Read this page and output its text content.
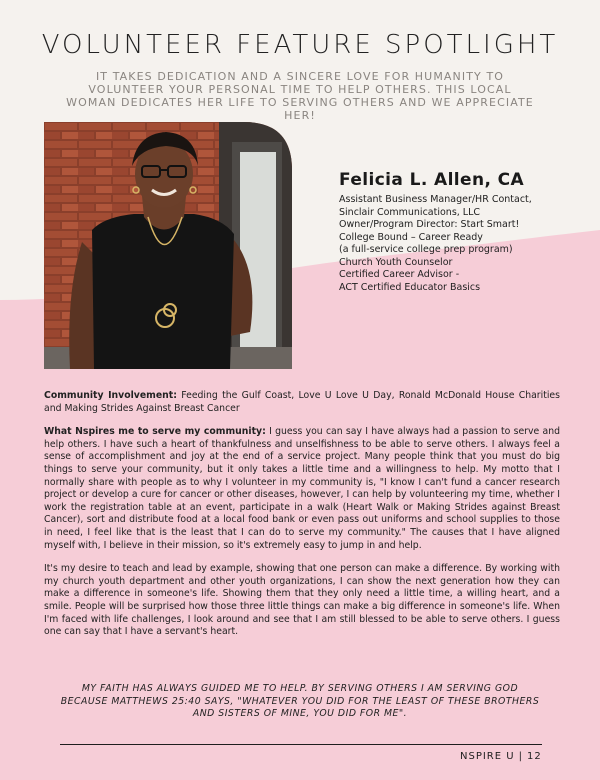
VOLUNTEER FEATURE SPOTLIGHT
IT TAKES DEDICATION AND A SINCERE LOVE FOR HUMANITY TO VOLUNTEER YOUR PERSONAL TIME TO HELP OTHERS. THIS LOCAL WOMAN DEDICATES HER LIFE TO SERVING OTHERS AND WE APPRECIATE HER!
Felicia L. Allen, CA
Assistant Business Manager/HR Contact,
Sinclair Communications, LLC
Owner/Program Director: Start Smart!
College Bound – Career Ready
(a full-service college prep program)
Church Youth Counselor
Certified Career Advisor -
ACT Certified Educator Basics

Community Involvement: Feeding the Gulf Coast, Love U Love U Day, Ronald McDonald House Charities and Making Strides Against Breast Cancer

What Nspires me to serve my community: I guess you can say I have always had a passion to serve and help others. I have such a heart of thankfulness and unselfishness to be able to serve others. I always feel a sense of accomplishment and joy at the end of a service project. Many people think that you must do big things to serve your community, but it only takes a little time and a willingness to help. My motto that I normally share with people as to why I volunteer in my community is, "I know I can't fund a cancer research project or develop a cure for cancer or other diseases, however, I can help by volunteering my time, whether I work the registration table at an event, participate in a walk (Heart Walk or Making Strides against Breast Cancer), sort and distribute food at a local food bank or even pass out uniforms and school supplies to those in need, I feel like that is the least that I can do to serve my community." The causes that I have aligned myself with, I believe in their mission, so it's extremely easy to jump in and help.

It's my desire to teach and lead by example, showing that one person can make a difference. By working with my church youth department and other youth organizations, I can show the next generation how they can make a difference in someone's life. Showing them that they only need a little time, a willing heart, and a smile. People will be surprised how those three little things can make a big difference in someone's life. When I'm faced with life challenges, I look around and see that I am still blessed to be able to serve others. I guess one can say that I have a servant's heart.

MY FAITH HAS ALWAYS GUIDED ME TO HELP. BY SERVING OTHERS I AM SERVING GOD BECAUSE MATTHEWS 25:40 SAYS, "WHATEVER YOU DID FOR THE LEAST OF THESE BROTHERS AND SISTERS OF MINE, YOU DID FOR ME".

NSPIRE U | 12
